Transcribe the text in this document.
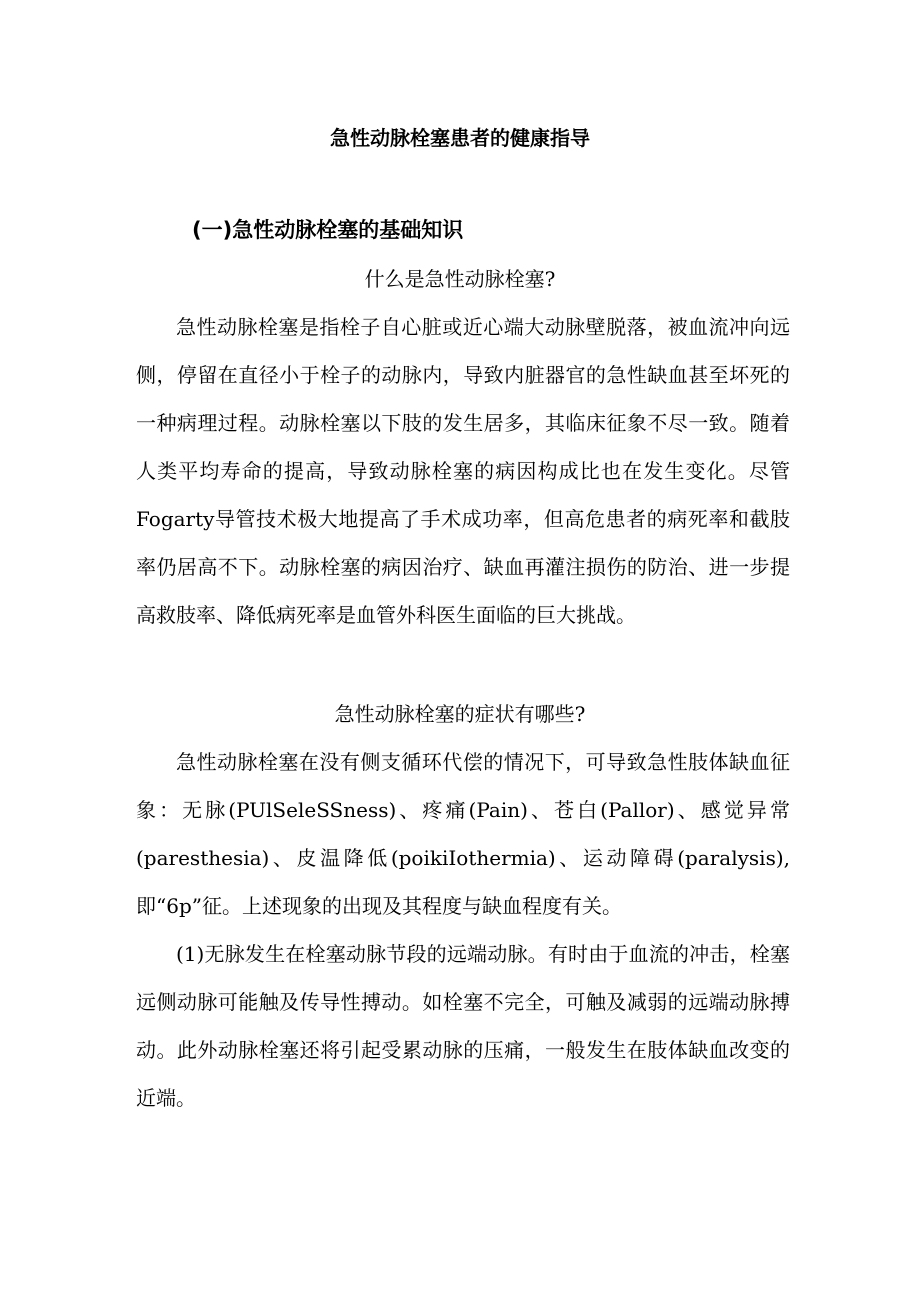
急性动脉栓塞患者的健康指导
(一)急性动脉栓塞的基础知识
什么是急性动脉栓塞?

急性动脉栓塞是指栓子自心脏或近心端大动脉壁脱落，被血流冲向远侧，停留在直径小于栓子的动脉内，导致内脏器官的急性缺血甚至坏死的一种病理过程。动脉栓塞以下肢的发生居多，其临床征象不尽一致。随着人类平均寿命的提高，导致动脉栓塞的病因构成比也在发生变化。尽管Fogarty导管技术极大地提高了手术成功率，但高危患者的病死率和截肢率仍居高不下。动脉栓塞的病因治疗、缺血再灌注损伤的防治、进一步提高救肢率、降低病死率是血管外科医生面临的巨大挑战。

急性动脉栓塞的症状有哪些?

急性动脉栓塞在没有侧支循环代偿的情况下，可导致急性肢体缺血征象：无脉(PUlSeleSSness)、疼痛(Pain)、苍白(Pallor)、感觉异常(paresthesia)、皮温降低(poikiIothermia)、运动障碍(paralysis),即“6p”征。上述现象的出现及其程度与缺血程度有关。

(1)无脉发生在栓塞动脉节段的远端动脉。有时由于血流的冲击，栓塞远侧动脉可能触及传导性搏动。如栓塞不完全，可触及减弱的远端动脉搏动。此外动脉栓塞还将引起受累动脉的压痛，一般发生在肢体缺血改变的近端。
